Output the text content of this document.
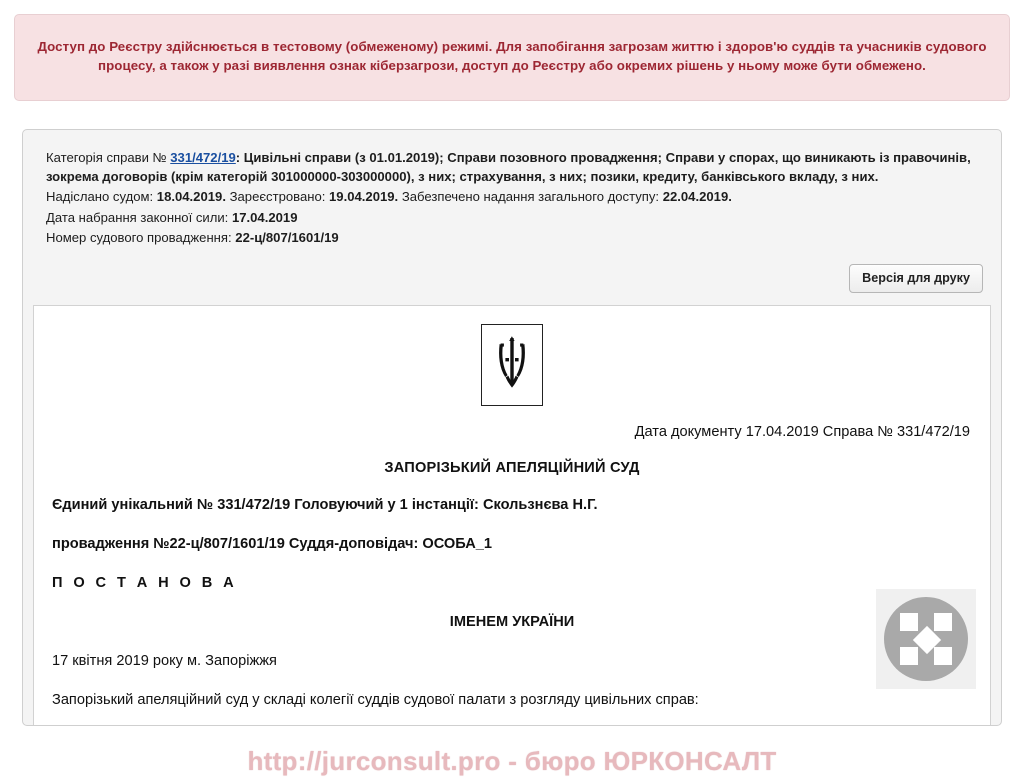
Доступ до Реєстру здійснюється в тестовому (обмеженому) режимі. Для запобігання загрозам життю і здоров'ю суддів та учасників судового процесу, а також у разі виявлення ознак кіберзагрози, доступ до Реєстру або окремих рішень у ньому може бути обмежено.

Категорія справи № 331/472/19: Цивільні справи (з 01.01.2019); Справи позовного провадження; Справи у спорах, що виникають із правочинів, зокрема договорів (крім категорій 301000000-303000000), з них; страхування, з них; позики, кредиту, банківського вкладу, з них.

Надіслано судом: 18.04.2019. Зареєстровано: 19.04.2019. Забезпечено надання загального доступу: 22.04.2019.

Дата набрання законної сили: 17.04.2019

Номер судового провадження: 22-ц/807/1601/19

Версія для друку
Дата документу 17.04.2019 Справа № 331/472/19
ЗАПОРІЗЬКИЙ АПЕЛЯЦІЙНИЙ СУД
Єдиний унікальний № 331/472/19 Головуючий у 1 інстанції: Скользнєва Н.Г.
провадження №22-ц/807/1601/19 Суддя-доповідач: ОСОБА_1
П О С Т А Н О В А
ІМЕНЕМ УКРАЇНИ
17 квітня 2019 року м. Запоріжжя
Запорізький апеляційний суд у складі колегії суддів судової палати з розгляду цивільних справ:
http://jurconsult.pro - бюро ЮРКОНСАЛТ
